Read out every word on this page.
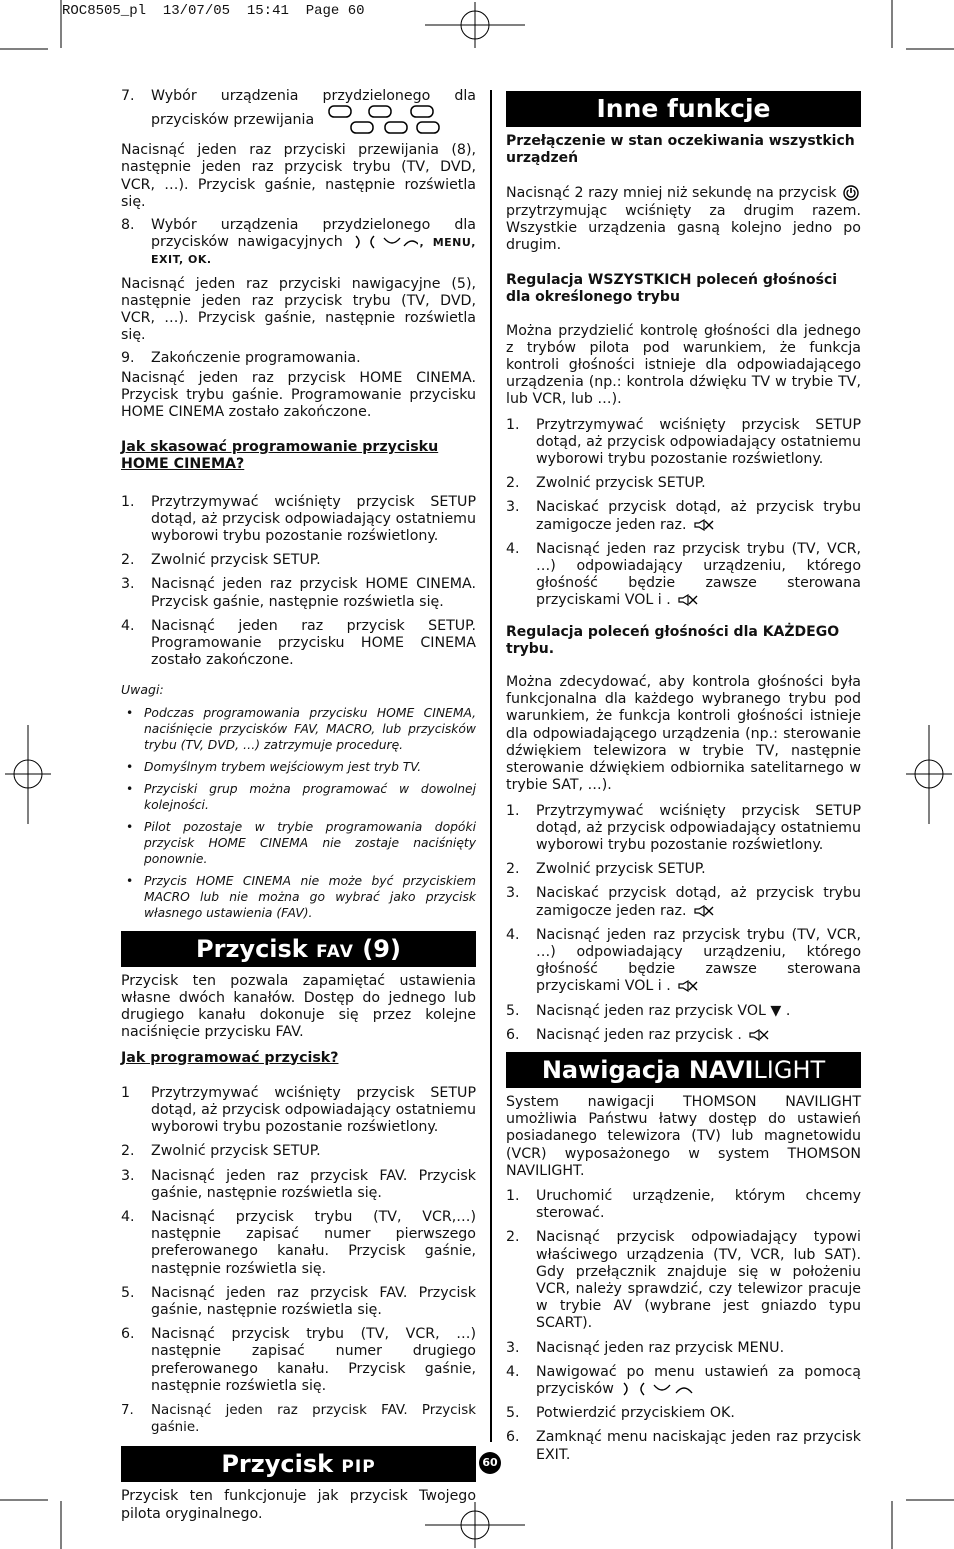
ROC8505_pl 13/07/05 15:41 Page 60
7. Wybór urządzenia przydzielonego dla przycisków przewijania

Nacisnąć jeden raz przyciski przewijania (8), następnie jeden raz przycisk trybu (TV, DVD, VCR, …). Przycisk gaśnie, następnie rozświetla się.

8. Wybór urządzenia przydzielonego dla przycisków nawigacyjnych	, MENU, EXIT, OK.

Nacisnąć jeden raz przyciski nawigacyjne (5), następnie jeden raz przycisk trybu (TV, DVD, VCR, …). Przycisk gaśnie, następnie rozświetla się.

9. Zakończenie programowania.

Nacisnąć jeden raz przycisk HOME CINEMA. Przycisk trybu gaśnie. Programowanie przycisku HOME CINEMA zostało zakończone.

Jak skasować programowanie przycisku HOME CINEMA?
1. Przytrzymywać wciśnięty przycisk SETUP dotąd, aż przycisk odpowiadający ostatniemu wyborowi trybu pozostanie rozświetlony.
2. Zwolnić przycisk SETUP.
3. Nacisnąć jeden raz przycisk HOME CINEMA. Przycisk gaśnie, następnie rozświetla się.
4. Nacisnąć jeden raz przycisk SETUP. Programowanie przycisku HOME CINEMA zostało zakończone.
Uwagi:
• Podczas programowania przycisku HOME CINEMA, naciśnięcie przycisków FAV, MACRO, lub przycisków trybu (TV, DVD, …) zatrzymuje procedurę.
• Domyślnym trybem wejściowym jest tryb TV.
• Przyciski grup można programować w dowolnej kolejności.
• Pilot pozostaje w trybie programowania dopóki przycisk HOME CINEMA nie zostaje naciśnięty ponownie.
• Przycis HOME CINEMA nie może być przyciskiem MACRO lub nie można go wybrać jako przycisk własnego ustawienia (FAV).
Przycisk FAV (9)

Przycisk ten pozwala zapamiętać ustawienia własne dwóch kanałów. Dostęp do jednego lub drugiego kanału dokonuje się przez kolejne naciśnięcie przycisku FAV.

Jak programować przycisk?
1 Przytrzymywać wciśnięty przycisk SETUP dotąd, aż przycisk odpowiadający ostatniemu wyborowi trybu pozostanie rozświetlony.
2. Zwolnić przycisk SETUP.
3. Nacisnąć jeden raz przycisk FAV. Przycisk gaśnie, następnie rozświetla się.
4. Nacisnąć przycisk trybu (TV, VCR,…) następnie zapisać numer pierwszego preferowanego kanału. Przycisk gaśnie, następnie rozświetla się.
5. Nacisnąć jeden raz przycisk FAV. Przycisk gaśnie, następnie rozświetla się.
6. Nacisnąć przycisk trybu (TV, VCR, …) następnie zapisać numer drugiego preferowanego kanału. Przycisk gaśnie, następnie rozświetla się.
7. Nacisnąć jeden raz przycisk FAV. Przycisk gaśnie.
Przycisk PIP

Przycisk ten funkcjonuje jak przycisk Twojego pilota oryginalnego.

Inne funkcje
Przełączenie w stan oczekiwania wszystkich urządzeń

Nacisnąć 2 razy mniej niż sekundę na przycisk  przytrzymując wciśnięty za drugim razem. Wszystkie urządzenia gasną kolejno jedno po drugim.

Regulacja WSZYSTKICH poleceń głośności dla określonego trybu

Można przydzielić kontrolę głośności dla jednego z trybów pilota pod warunkiem, że funkcja kontroli głośności istnieje dla odpowiadającego urządzenia (np.: kontrola dźwięku TV w trybie TV, lub VCR, lub …).

1. Przytrzymywać wciśnięty przycisk SETUP dotąd, aż przycisk odpowiadający ostatniemu wyborowi trybu pozostanie rozświetlony.
2. Zwolnić przycisk SETUP.
3. Naciskać przycisk dotąd, aż przycisk trybu zamigocze jeden raz.
4. Nacisnąć jeden raz przycisk trybu (TV, VCR, …) odpowiadający urządzeniu, którego głośność będzie zawsze sterowana przyciskami VOL i .
Regulacja poleceń głośności dla KAŻDEGO trybu.

Można zdecydować, aby kontrola głośności była funkcjonalna dla każdego wybranego trybu pod warunkiem, że funkcja kontroli głośności istnieje dla odpowiadającego urządzenia (np.: sterowanie dźwiękiem telewizora w trybie TV, następnie sterowanie dźwiękiem odbiornika satelitarnego w trybie SAT, …).

1. Przytrzymywać wciśnięty przycisk SETUP dotąd, aż przycisk odpowiadający ostatniemu wyborowi trybu pozostanie rozświetlony.
2. Zwolnić przycisk SETUP.
3. Naciskać przycisk dotąd, aż przycisk trybu zamigocze jeden raz.
4. Nacisnąć jeden raz przycisk trybu (TV, VCR, …) odpowiadający urządzeniu, którego głośność będzie zawsze sterowana przyciskami VOL i .
5. Nacisnąć jeden raz przycisk VOL ▼ .
6. Nacisnąć jeden raz przycisk .
Nawigacja NAVILIGHT

System nawigacji THOMSON NAVILIGHT umożliwia Państwu łatwy dostęp do ustawień posiadanego telewizora (TV) lub magnetowidu (VCR) wyposażonego w system THOMSON NAVILIGHT.

1. Uruchomić urządzenie, którym chcemy sterować.
2. Nacisnąć przycisk odpowiadający typowi właściwego urządzenia (TV, VCR, lub SAT). Gdy przełącznik znajduje się w położeniu VCR, należy sprawdzić, czy telewizor pracuje w trybie AV (wybrane jest gniazdo typu SCART).
3. Nacisnąć jeden raz przycisk MENU.
4. Nawigować po menu ustawień za pomocą przycisków
5. Potwierdzić przyciskiem OK.
6. Zamknąć menu naciskając jeden raz przycisk EXIT.
60
